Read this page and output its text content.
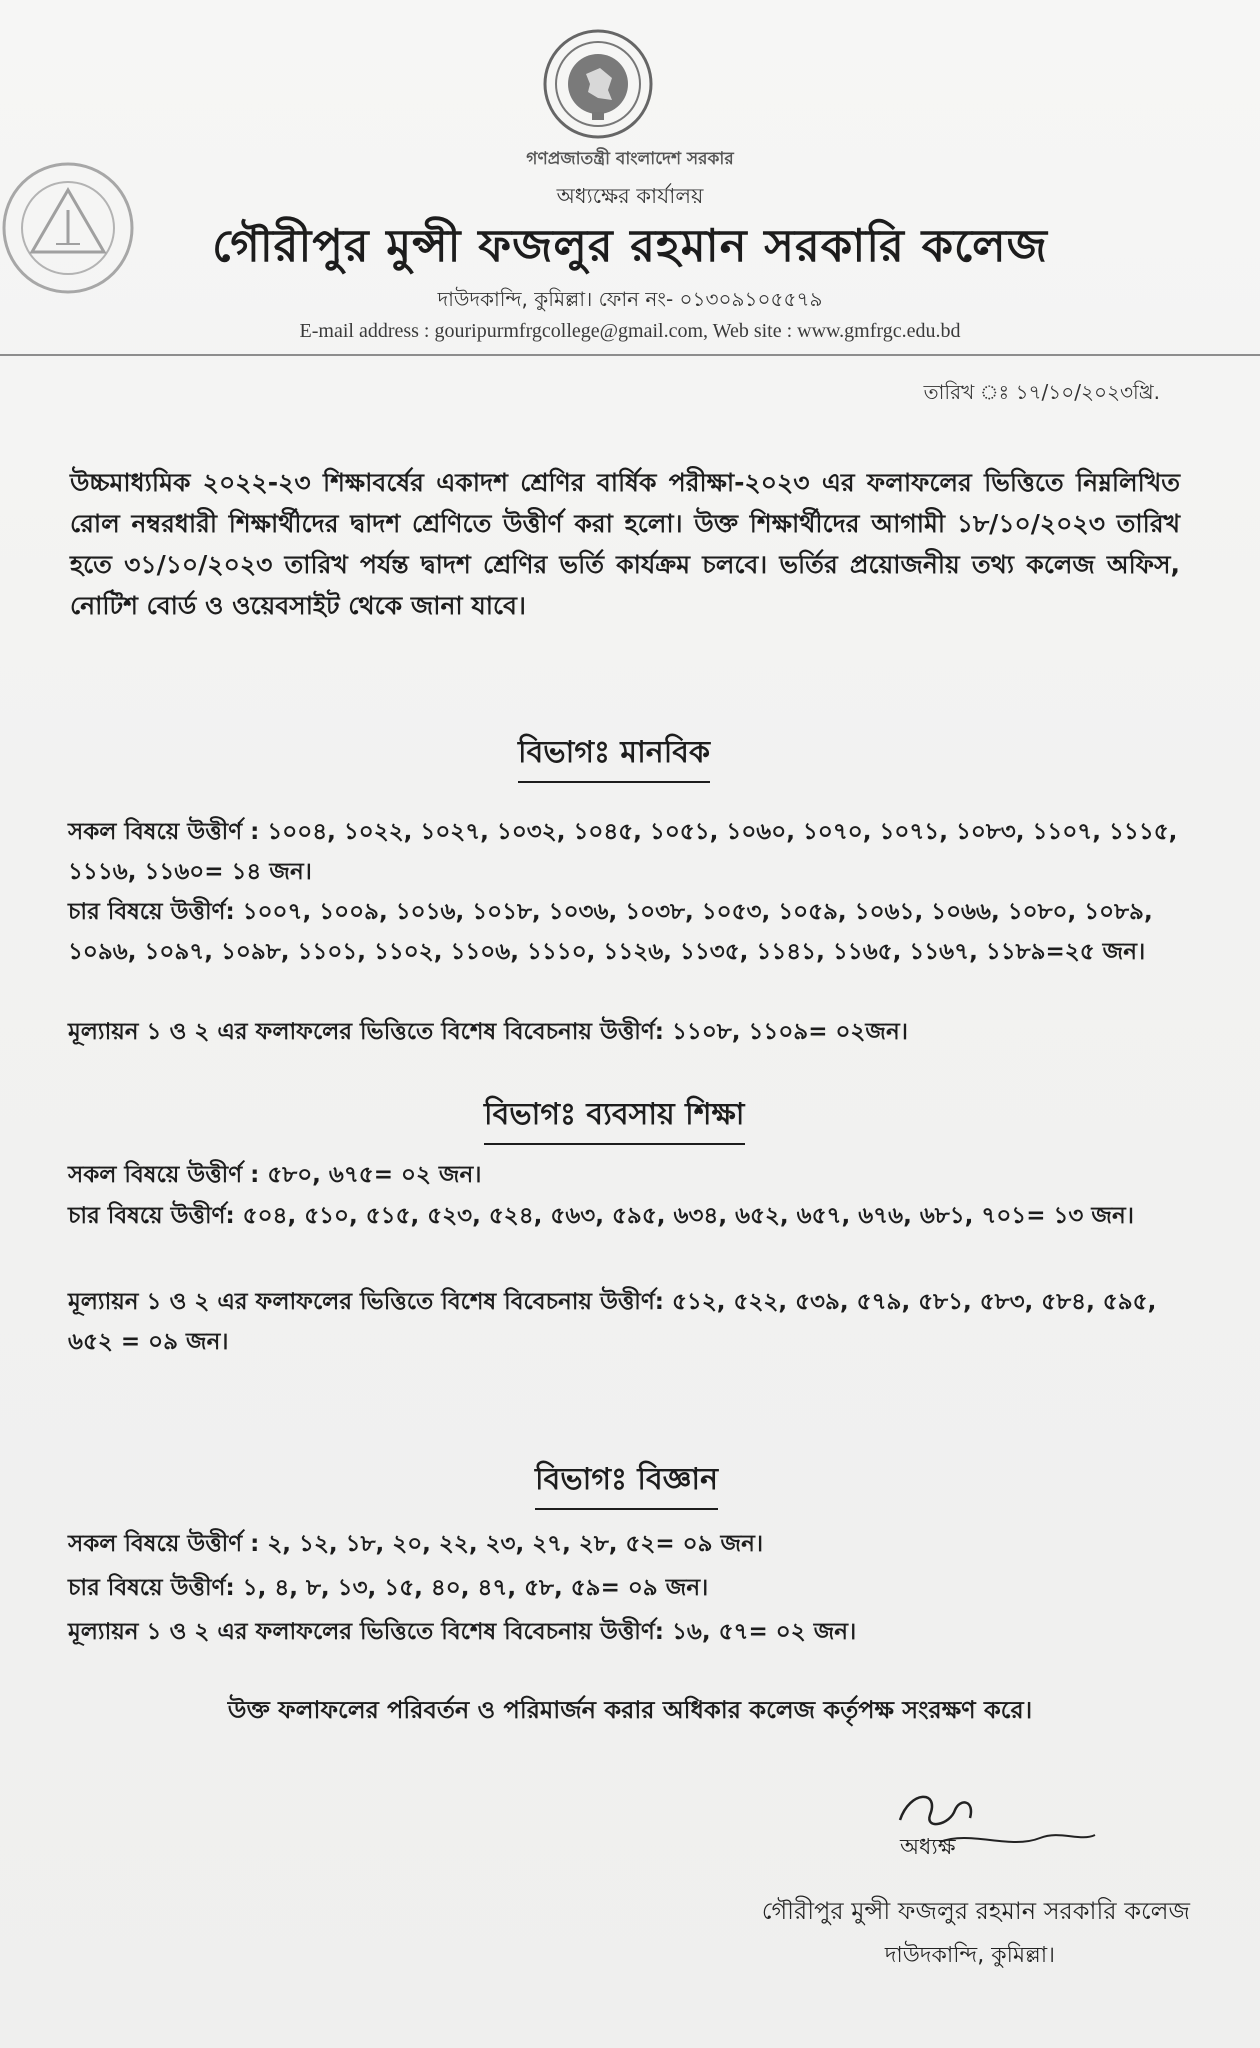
গণপ্রজাতন্ত্রী বাংলাদেশ সরকার
অধ্যক্ষের কার্যালয়
গৌরীপুর মুন্সী ফজলুর রহমান সরকারি কলেজ
দাউদকান্দি, কুমিল্লা। ফোন নং- ০১৩০৯১০৫৫৭৯
E-mail address : gouripurmfrgcollege@gmail.com, Web site : www.gmfrgc.edu.bd
তারিখ ঃ ১৭/১০/২০২৩খ্রি.
উচ্চমাধ্যমিক ২০২২-২৩ শিক্ষাবর্ষের একাদশ শ্রেণির বার্ষিক পরীক্ষা-২০২৩ এর ফলাফলের ভিত্তিতে নিম্নলিখিত রোল নম্বরধারী শিক্ষার্থীদের দ্বাদশ শ্রেণিতে উত্তীর্ণ করা হলো। উক্ত শিক্ষার্থীদের আগামী ১৮/১০/২০২৩ তারিখ হতে ৩১/১০/২০২৩ তারিখ পর্যন্ত দ্বাদশ শ্রেণির ভর্তি কার্যক্রম চলবে। ভর্তির প্রয়োজনীয় তথ্য কলেজ অফিস, নোটিশ বোর্ড ও ওয়েবসাইট থেকে জানা যাবে।
বিভাগঃ মানবিক
সকল বিষয়ে উত্তীর্ণ : ১০০৪, ১০২২, ১০২৭, ১০৩২, ১০৪৫, ১০৫১, ১০৬০, ১০৭০, ১০৭১, ১০৮৩, ১১০৭, ১১১৫, ১১১৬, ১১৬০= ১৪ জন।
চার বিষয়ে উত্তীর্ণ: ১০০৭, ১০০৯, ১০১৬, ১০১৮, ১০৩৬, ১০৩৮, ১০৫৩, ১০৫৯, ১০৬১, ১০৬৬, ১০৮০, ১০৮৯, ১০৯৬, ১০৯৭, ১০৯৮, ১১০১, ১১০২, ১১০৬, ১১১০, ১১২৬, ১১৩৫, ১১৪১, ১১৬৫, ১১৬৭, ১১৮৯=২৫ জন।
মূল্যায়ন ১ ও ২ এর ফলাফলের ভিত্তিতে বিশেষ বিবেচনায় উত্তীর্ণ: ১১০৮, ১১০৯= ০২জন।
বিভাগঃ ব্যবসায় শিক্ষা
সকল বিষয়ে উত্তীর্ণ : ৫৮০, ৬৭৫= ০২ জন।
চার বিষয়ে উত্তীর্ণ: ৫০৪, ৫১০, ৫১৫, ৫২৩, ৫২৪, ৫৬৩, ৫৯৫, ৬৩৪, ৬৫২, ৬৫৭, ৬৭৬, ৬৮১, ৭০১= ১৩ জন।
মূল্যায়ন ১ ও ২ এর ফলাফলের ভিত্তিতে বিশেষ বিবেচনায় উত্তীর্ণ: ৫১২, ৫২২, ৫৩৯, ৫৭৯, ৫৮১, ৫৮৩, ৫৮৪, ৫৯৫, ৬৫২ = ০৯ জন।
বিভাগঃ বিজ্ঞান
সকল বিষয়ে উত্তীর্ণ : ২, ১২, ১৮, ২০, ২২, ২৩, ২৭, ২৮, ৫২= ০৯ জন।
চার বিষয়ে উত্তীর্ণ: ১, ৪, ৮, ১৩, ১৫, ৪০, ৪৭, ৫৮, ৫৯= ০৯ জন।
মূল্যায়ন ১ ও ২ এর ফলাফলের ভিত্তিতে বিশেষ বিবেচনায় উত্তীর্ণ: ১৬, ৫৭= ০২ জন।
উক্ত ফলাফলের পরিবর্তন ও পরিমার্জন করার অধিকার কলেজ কর্তৃপক্ষ সংরক্ষণ করে।
অধ্যক্ষ
গৌরীপুর মুন্সী ফজলুর রহমান সরকারি কলেজ
দাউদকান্দি, কুমিল্লা।
